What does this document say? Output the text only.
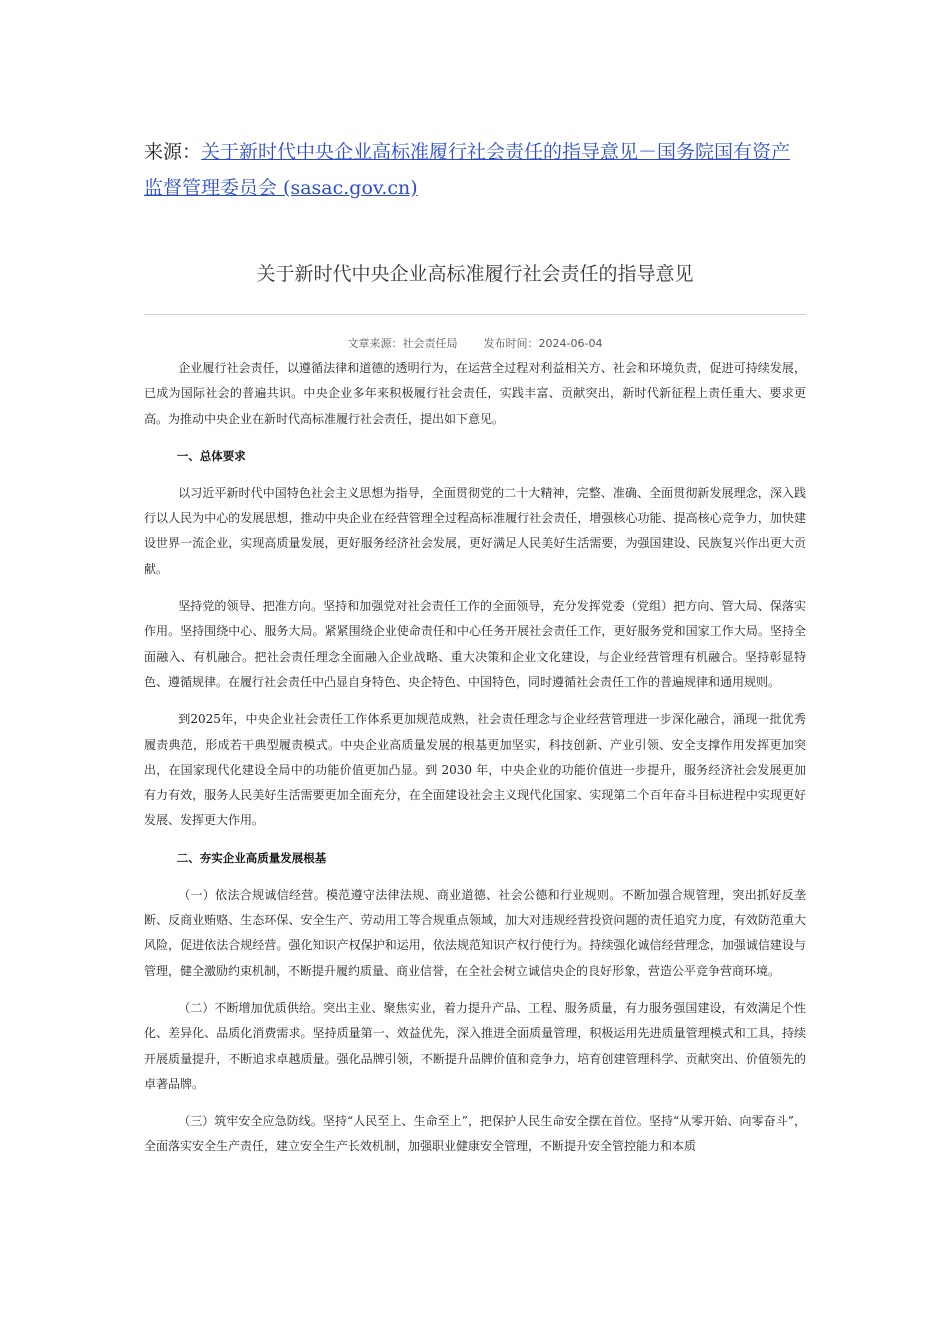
来源：关于新时代中央企业高标准履行社会责任的指导意见－国务院国有资产监督管理委员会 (sasac.gov.cn)
关于新时代中央企业高标准履行社会责任的指导意见
文章来源：社会责任局 发布时间：2024-06-04

企业履行社会责任，以遵循法律和道德的透明行为，在运营全过程对利益相关方、社会和环境负责，促进可持续发展，已成为国际社会的普遍共识。中央企业多年来积极履行社会责任，实践丰富、贡献突出，新时代新征程上责任重大、要求更高。为推动中央企业在新时代高标准履行社会责任，提出如下意见。

一、总体要求

以习近平新时代中国特色社会主义思想为指导，全面贯彻党的二十大精神，完整、准确、全面贯彻新发展理念，深入践行以人民为中心的发展思想，推动中央企业在经营管理全过程高标准履行社会责任，增强核心功能、提高核心竞争力，加快建设世界一流企业，实现高质量发展，更好服务经济社会发展，更好满足人民美好生活需要，为强国建设、民族复兴作出更大贡献。

坚持党的领导、把准方向。坚持和加强党对社会责任工作的全面领导，充分发挥党委（党组）把方向、管大局、保落实作用。坚持围绕中心、服务大局。紧紧围绕企业使命责任和中心任务开展社会责任工作，更好服务党和国家工作大局。坚持全面融入、有机融合。把社会责任理念全面融入企业战略、重大决策和企业文化建设，与企业经营管理有机融合。坚持彰显特色、遵循规律。在履行社会责任中凸显自身特色、央企特色、中国特色，同时遵循社会责任工作的普遍规律和通用规则。

到2025年，中央企业社会责任工作体系更加规范成熟，社会责任理念与企业经营管理进一步深化融合，涌现一批优秀履责典范，形成若干典型履责模式。中央企业高质量发展的根基更加坚实，科技创新、产业引领、安全支撑作用发挥更加突出，在国家现代化建设全局中的功能价值更加凸显。到 2030 年，中央企业的功能价值进一步提升，服务经济社会发展更加有力有效，服务人民美好生活需要更加全面充分，在全面建设社会主义现代化国家、实现第二个百年奋斗目标进程中实现更好发展、发挥更大作用。

二、夯实企业高质量发展根基

（一）依法合规诚信经营。模范遵守法律法规、商业道德、社会公德和行业规则。不断加强合规管理，突出抓好反垄断、反商业贿赂、生态环保、安全生产、劳动用工等合规重点领域，加大对违规经营投资问题的责任追究力度，有效防范重大风险，促进依法合规经营。强化知识产权保护和运用，依法规范知识产权行使行为。持续强化诚信经营理念，加强诚信建设与管理，健全激励约束机制，不断提升履约质量、商业信誉，在全社会树立诚信央企的良好形象，营造公平竞争营商环境。

（二）不断增加优质供给。突出主业、聚焦实业，着力提升产品、工程、服务质量，有力服务强国建设，有效满足个性化、差异化、品质化消费需求。坚持质量第一、效益优先，深入推进全面质量管理，积极运用先进质量管理模式和工具，持续开展质量提升，不断追求卓越质量。强化品牌引领，不断提升品牌价值和竞争力，培育创建管理科学、贡献突出、价值领先的卓著品牌。

（三）筑牢安全应急防线。坚持“人民至上、生命至上”，把保护人民生命安全摆在首位。坚持“从零开始、向零奋斗”，全面落实安全生产责任，建立安全生产长效机制，加强职业健康安全管理，不断提升安全管控能力和本质
